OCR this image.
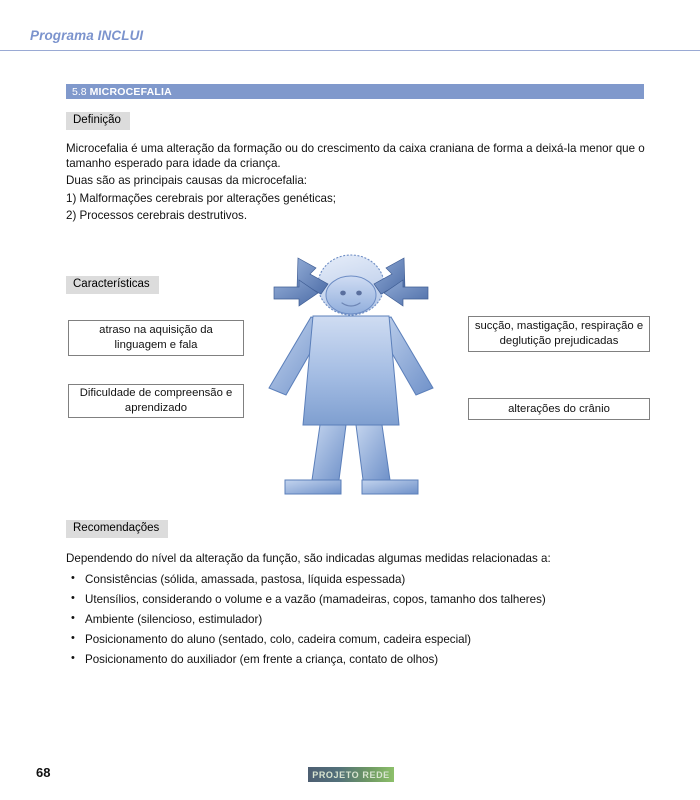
Programa INCLUI
5.8 MICROCEFALIA
Definição

Microcefalia é uma alteração da formação ou do crescimento da caixa craniana de forma a deixá-la menor que o tamanho esperado para idade da criança.

Duas são as principais causas da microcefalia:

1) Malformações cerebrais por alterações genéticas;

2) Processos cerebrais destrutivos.

Características
atraso na aquisição da linguagem e fala
Dificuldade de compreensão e aprendizado
sucção, mastigação, respiração e deglutição prejudicadas
alterações do crânio
Recomendações

Dependendo do nível da alteração da função, são indicadas algumas medidas relacionadas a:

• Consistências (sólida, amassada, pastosa, líquida espessada)
• Utensílios, considerando o volume e a vazão (mamadeiras, copos, tamanho dos talheres)
• Ambiente (silencioso, estimulador)
• Posicionamento do aluno (sentado, colo, cadeira comum, cadeira especial)
• Posicionamento do auxiliador (em frente a criança, contato de olhos)
68	PROJETO REDE
